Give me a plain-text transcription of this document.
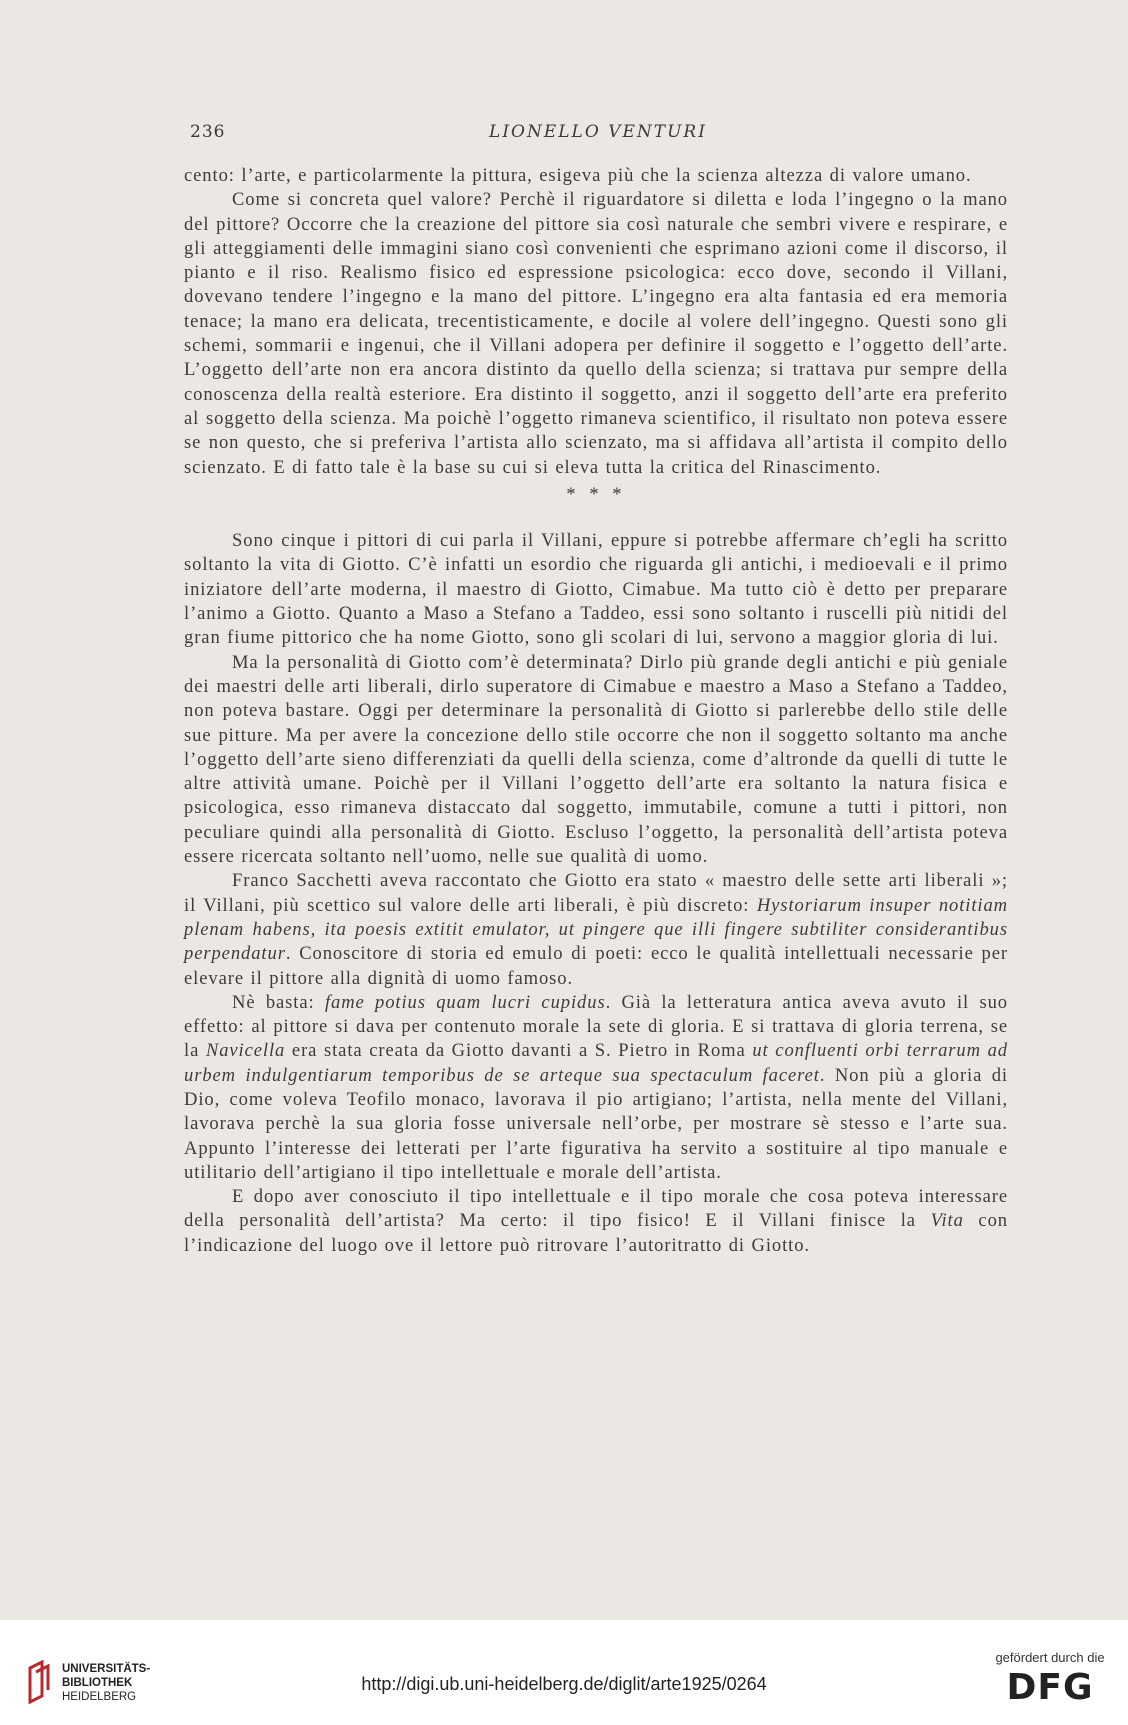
236	LIONELLO VENTURI

cento: l’arte, e particolarmente la pittura, esigeva più che la scienza altezza di valore umano.

Come si concreta quel valore? Perchè il riguardatore si diletta e loda l’ingegno o la mano del pittore? Occorre che la creazione del pittore sia così naturale che sembri vivere e respirare, e gli atteggiamenti delle immagini siano così convenienti che esprimano azioni come il discorso, il pianto e il riso. Realismo fisico ed espressione psicologica: ecco dove, secondo il Villani, dovevano tendere l’ingegno e la mano del pittore. L’ingegno era alta fantasia ed era memoria tenace; la mano era delicata, trecentisticamente, e docile al volere dell’ingegno. Questi sono gli schemi, sommarii e ingenui, che il Villani adopera per definire il soggetto e l’oggetto dell’arte. L’oggetto dell’arte non era ancora distinto da quello della scienza; si trattava pur sempre della conoscenza della realtà esteriore. Era distinto il soggetto, anzi il soggetto dell’arte era preferito al soggetto della scienza. Ma poichè l’oggetto rimaneva scientifico, il risultato non poteva essere se non questo, che si preferiva l’artista allo scienzato, ma si affidava all’artista il compito dello scienzato. E di fatto tale è la base su cui si eleva tutta la critica del Rinascimento.

* * *

Sono cinque i pittori di cui parla il Villani, eppure si potrebbe affermare ch’egli ha scritto soltanto la vita di Giotto. C’è infatti un esordio che riguarda gli antichi, i medioevali e il primo iniziatore dell’arte moderna, il maestro di Giotto, Cimabue. Ma tutto ciò è detto per preparare l’animo a Giotto. Quanto a Maso a Stefano a Taddeo, essi sono soltanto i ruscelli più nitidi del gran fiume pittorico che ha nome Giotto, sono gli scolari di lui, servono a maggior gloria di lui.

Ma la personalità di Giotto com’è determinata? Dirlo più grande degli antichi e più geniale dei maestri delle arti liberali, dirlo superatore di Cimabue e maestro a Maso a Stefano a Taddeo, non poteva bastare. Oggi per determinare la personalità di Giotto si parlerebbe dello stile delle sue pitture. Ma per avere la concezione dello stile occorre che non il soggetto soltanto ma anche l’oggetto dell’arte sieno differenziati da quelli della scienza, come d’altronde da quelli di tutte le altre attività umane. Poichè per il Villani l’oggetto dell’arte era soltanto la natura fisica e psicologica, esso rimaneva distaccato dal soggetto, immutabile, comune a tutti i pittori, non peculiare quindi alla personalità di Giotto. Escluso l’oggetto, la personalità dell’artista poteva essere ricercata soltanto nell’uomo, nelle sue qualità di uomo.

Franco Sacchetti aveva raccontato che Giotto era stato « maestro delle sette arti liberali »; il Villani, più scettico sul valore delle arti liberali, è più discreto: Hystoriarum insuper notitiam plenam habens, ita poesis extitit emulator, ut pingere que illi fingere subtiliter considerantibus perpendatur. Conoscitore di storia ed emulo di poeti: ecco le qualità intellettuali necessarie per elevare il pittore alla dignità di uomo famoso.

Nè basta: fame potius quam lucri cupidus. Già la letteratura antica aveva avuto il suo effetto: al pittore si dava per contenuto morale la sete di gloria. E si trattava di gloria terrena, se la Navicella era stata creata da Giotto davanti a S. Pietro in Roma ut confluenti orbi terrarum ad urbem indulgentiarum temporibus de se arteque sua spectaculum faceret. Non più a gloria di Dio, come voleva Teofilo monaco, lavorava il pio artigiano; l’artista, nella mente del Villani, lavorava perchè la sua gloria fosse universale nell’orbe, per mostrare sè stesso e l’arte sua. Appunto l’interesse dei letterati per l’arte figurativa ha servito a sostituire al tipo manuale e utilitario dell’artigiano il tipo intellettuale e morale dell’artista.

E dopo aver conosciuto il tipo intellettuale e il tipo morale che cosa poteva interessare della personalità dell’artista? Ma certo: il tipo fisico! E il Villani finisce la Vita con l’indicazione del luogo ove il lettore può ritrovare l’autoritratto di Giotto.

UNIVERSITÄTS-
BIBLIOTHEK
HEIDELBERG
http://digi.ub.uni-heidelberg.de/diglit/arte1925/0264
gefördert durch die
DFG
